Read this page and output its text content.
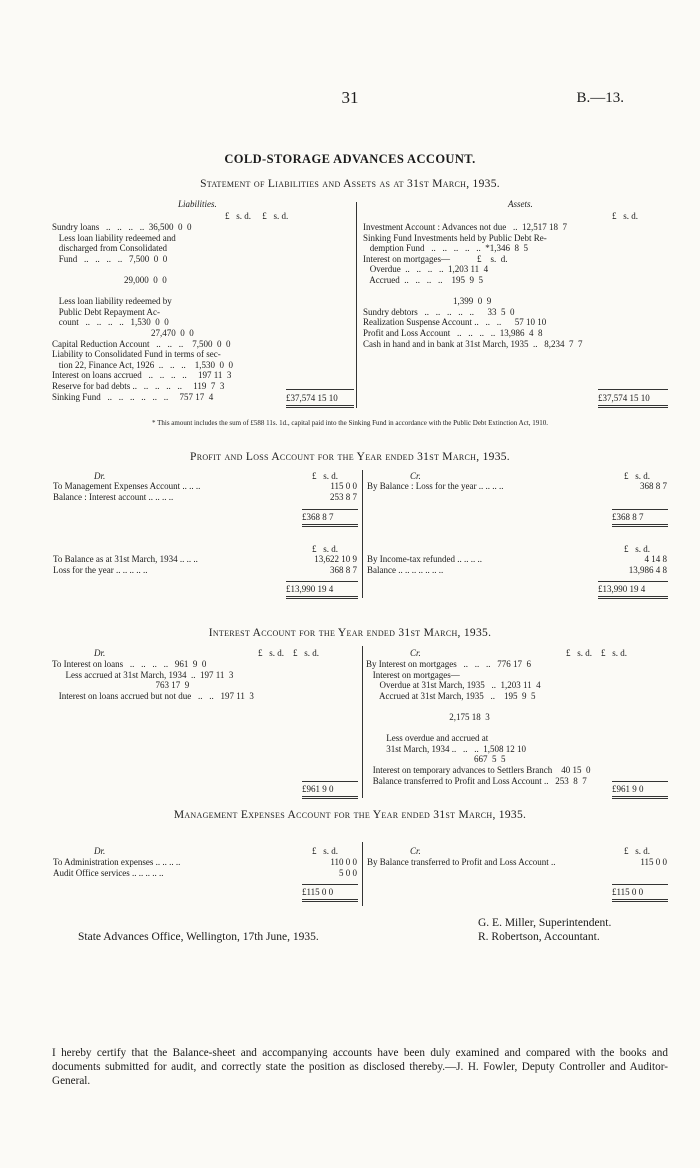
31	B.—13.
COLD-STORAGE ADVANCES ACCOUNT.
Statement of Liabilities and Assets as at 31st March, 1935.
Liabilities.	Assets.
£   s. d.     £   s. d.	£   s. d.
Sundry loans   ..   ..   ..   ..  36,500  0  0
Less loan liability redeemed and
discharged from Consolidated
Fund   ..   ..   ..   ..   7,500  0  0

29,000  0  0

Less loan liability redeemed by
Public Debt Repayment Ac-
count   ..   ..   ..   ..   1,530  0  0
27,470  0  0
Capital Reduction Account   ..   ..   ..    7,500  0  0
Liability to Consolidated Fund in terms of sec-
tion 22, Finance Act, 1926  ..   ..   ..    1,530  0  0
Interest on loans accrued   ..   ..   ..   ..     197 11  3
Reserve for bad debts ..   ..   ..   ..   ..     119  7  3
Sinking Fund   ..   ..   ..   ..   ..   ..     757 17  4
Investment Account : Advances not due   ..  12,517 18  7
Sinking Fund Investments held by Public Debt Re-
demption Fund   ..   ..   ..   ..   ..  *1,346  8  5
Interest on mortgages—            £    s.  d.
Overdue  ..   ..   ..   ..  1,203 11  4
Accrued  ..   ..   ..   ..    195  9  5

1,399  0  9
Sundry debtors   ..   ..   ..   ..   ..      33  5  0
Realization Suspense Account ..   ..   ..      57 10 10
Profit and Loss Account   ..   ..   ..   ..  13,986  4  8
Cash in hand and in bank at 31st March, 1935  ..   8,234  7  7
£37,574 15 10	£37,574 15 10
* This amount includes the sum of £588 11s. 1d., capital paid into the Sinking Fund in accordance with the Public Debt Extinction Act, 1910.
Profit and Loss Account for the Year ended 31st March, 1935.
Dr.	Cr.
£   s. d.	£   s. d.
To Management Expenses Account .. .. ..	115 0 0
Balance : Interest account .. .. .. ..	253 8 7
By Balance : Loss for the year .. .. .. ..	368 8 7
£368 8 7	£368 8 7
£   s. d.	£   s. d.
To Balance as at 31st March, 1934 .. .. ..	13,622 10 9
Loss for the year .. .. .. .. ..	368 8 7
By Income-tax refunded .. .. .. ..	4 14 8
Balance .. .. .. .. .. .. ..	13,986 4 8
£13,990 19 4	£13,990 19 4
Interest Account for the Year ended 31st March, 1935.
Dr.	Cr.
£   s. d.    £   s. d.	£   s. d.    £   s. d.
To Interest on loans   ..   ..   ..   ..   961  9  0
Less accrued at 31st March, 1934  ..  197 11  3
763 17  9
Interest on loans accrued but not due   ..   ..   197 11  3
By Interest on mortgages   ..   ..   ..   776 17  6
Interest on mortgages—
Overdue at 31st March, 1935   ..  1,203 11  4
Accrued at 31st March, 1935   ..    195  9  5

2,175 18  3

Less overdue and accrued at
31st March, 1934 ..   ..   ..  1,508 12 10
667  5  5
Interest on temporary advances to Settlers Branch    40 15  0
Balance transferred to Profit and Loss Account ..   253  8  7
£961 9 0	£961 9 0
Management Expenses Account for the Year ended 31st March, 1935.
Dr.	Cr.
£   s. d.	£   s. d.
To Administration expenses .. .. .. ..	110 0 0
Audit Office services .. .. .. .. ..	5 0 0
By Balance transferred to Profit and Loss Account ..	115 0 0
£115 0 0	£115 0 0
G. E. Miller, Superintendent.
R. Robertson, Accountant.
State Advances Office, Wellington, 17th June, 1935.
I hereby certify that the Balance-sheet and accompanying accounts have been duly examined and compared with the books and documents submitted for audit, and correctly state the position as disclosed thereby.—J. H. Fowler, Deputy Controller and Auditor-General.
